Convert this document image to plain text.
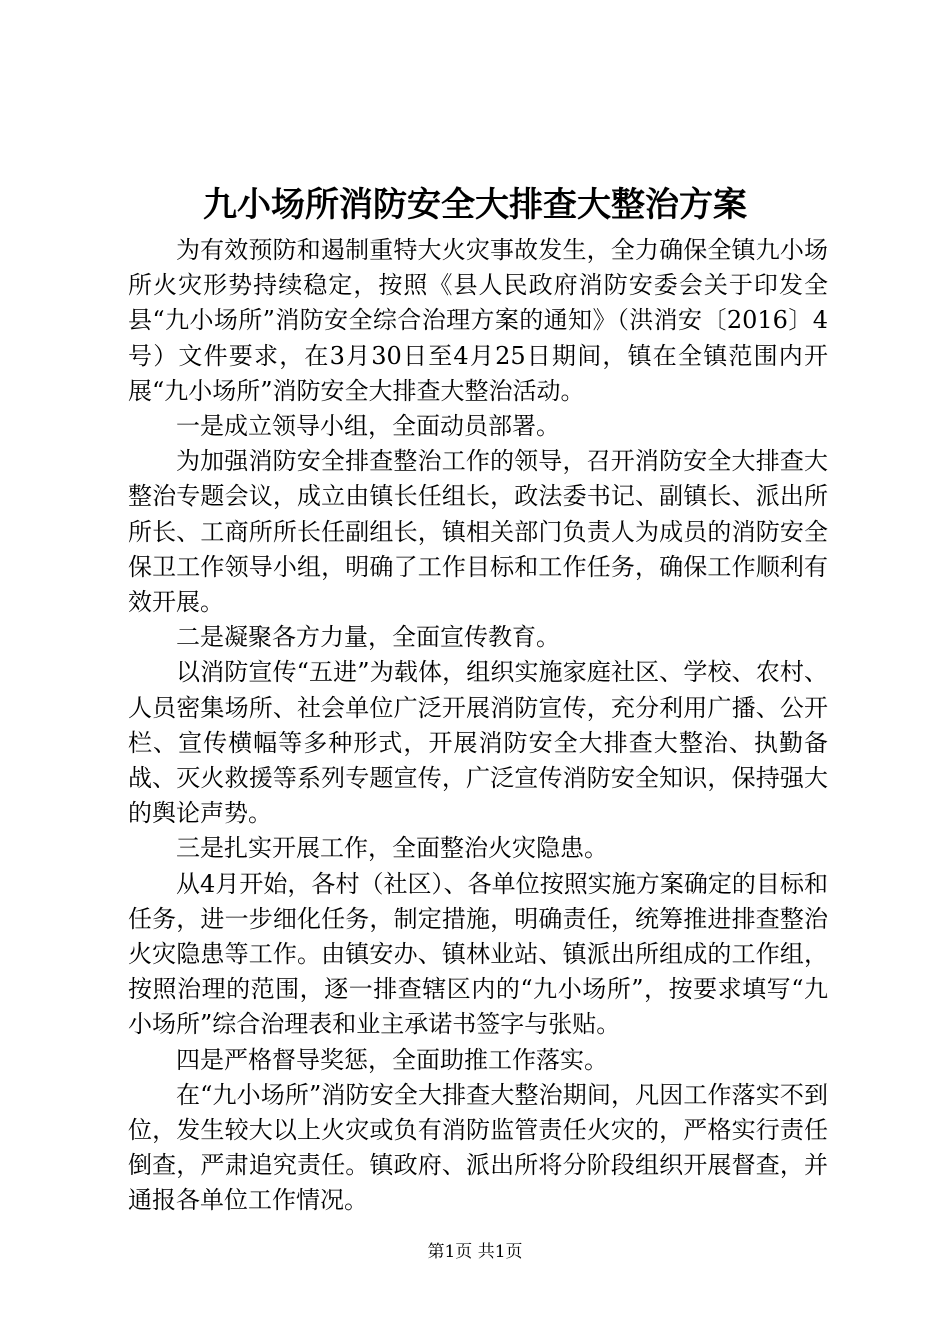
九小场所消防安全大排查大整治方案

为有效预防和遏制重特大火灾事故发生，全力确保全镇九小场所火灾形势持续稳定，按照《县人民政府消防安委会关于印发全县“九小场所”消防安全综合治理方案的通知》（洪消安〔2016〕4号）文件要求，在3月30日至4月25日期间，镇在全镇范围内开展“九小场所”消防安全大排查大整治活动。

一是成立领导小组，全面动员部署。

为加强消防安全排查整治工作的领导，召开消防安全大排查大整治专题会议，成立由镇长任组长，政法委书记、副镇长、派出所所长、工商所所长任副组长，镇相关部门负责人为成员的消防安全保卫工作领导小组，明确了工作目标和工作任务，确保工作顺利有效开展。

二是凝聚各方力量，全面宣传教育。

以消防宣传“五进”为载体，组织实施家庭社区、学校、农村、人员密集场所、社会单位广泛开展消防宣传，充分利用广播、公开栏、宣传横幅等多种形式，开展消防安全大排查大整治、执勤备战、灭火救援等系列专题宣传，广泛宣传消防安全知识，保持强大的舆论声势。

三是扎实开展工作，全面整治火灾隐患。

从4月开始，各村（社区）、各单位按照实施方案确定的目标和任务，进一步细化任务，制定措施，明确责任，统筹推进排查整治火灾隐患等工作。由镇安办、镇林业站、镇派出所组成的工作组，按照治理的范围，逐一排查辖区内的“九小场所”，按要求填写“九小场所”综合治理表和业主承诺书签字与张贴。

四是严格督导奖惩，全面助推工作落实。

在“九小场所”消防安全大排查大整治期间，凡因工作落实不到位，发生较大以上火灾或负有消防监管责任火灾的，严格实行责任倒查，严肃追究责任。镇政府、派出所将分阶段组织开展督查，并通报各单位工作情况。

第1页 共1页
